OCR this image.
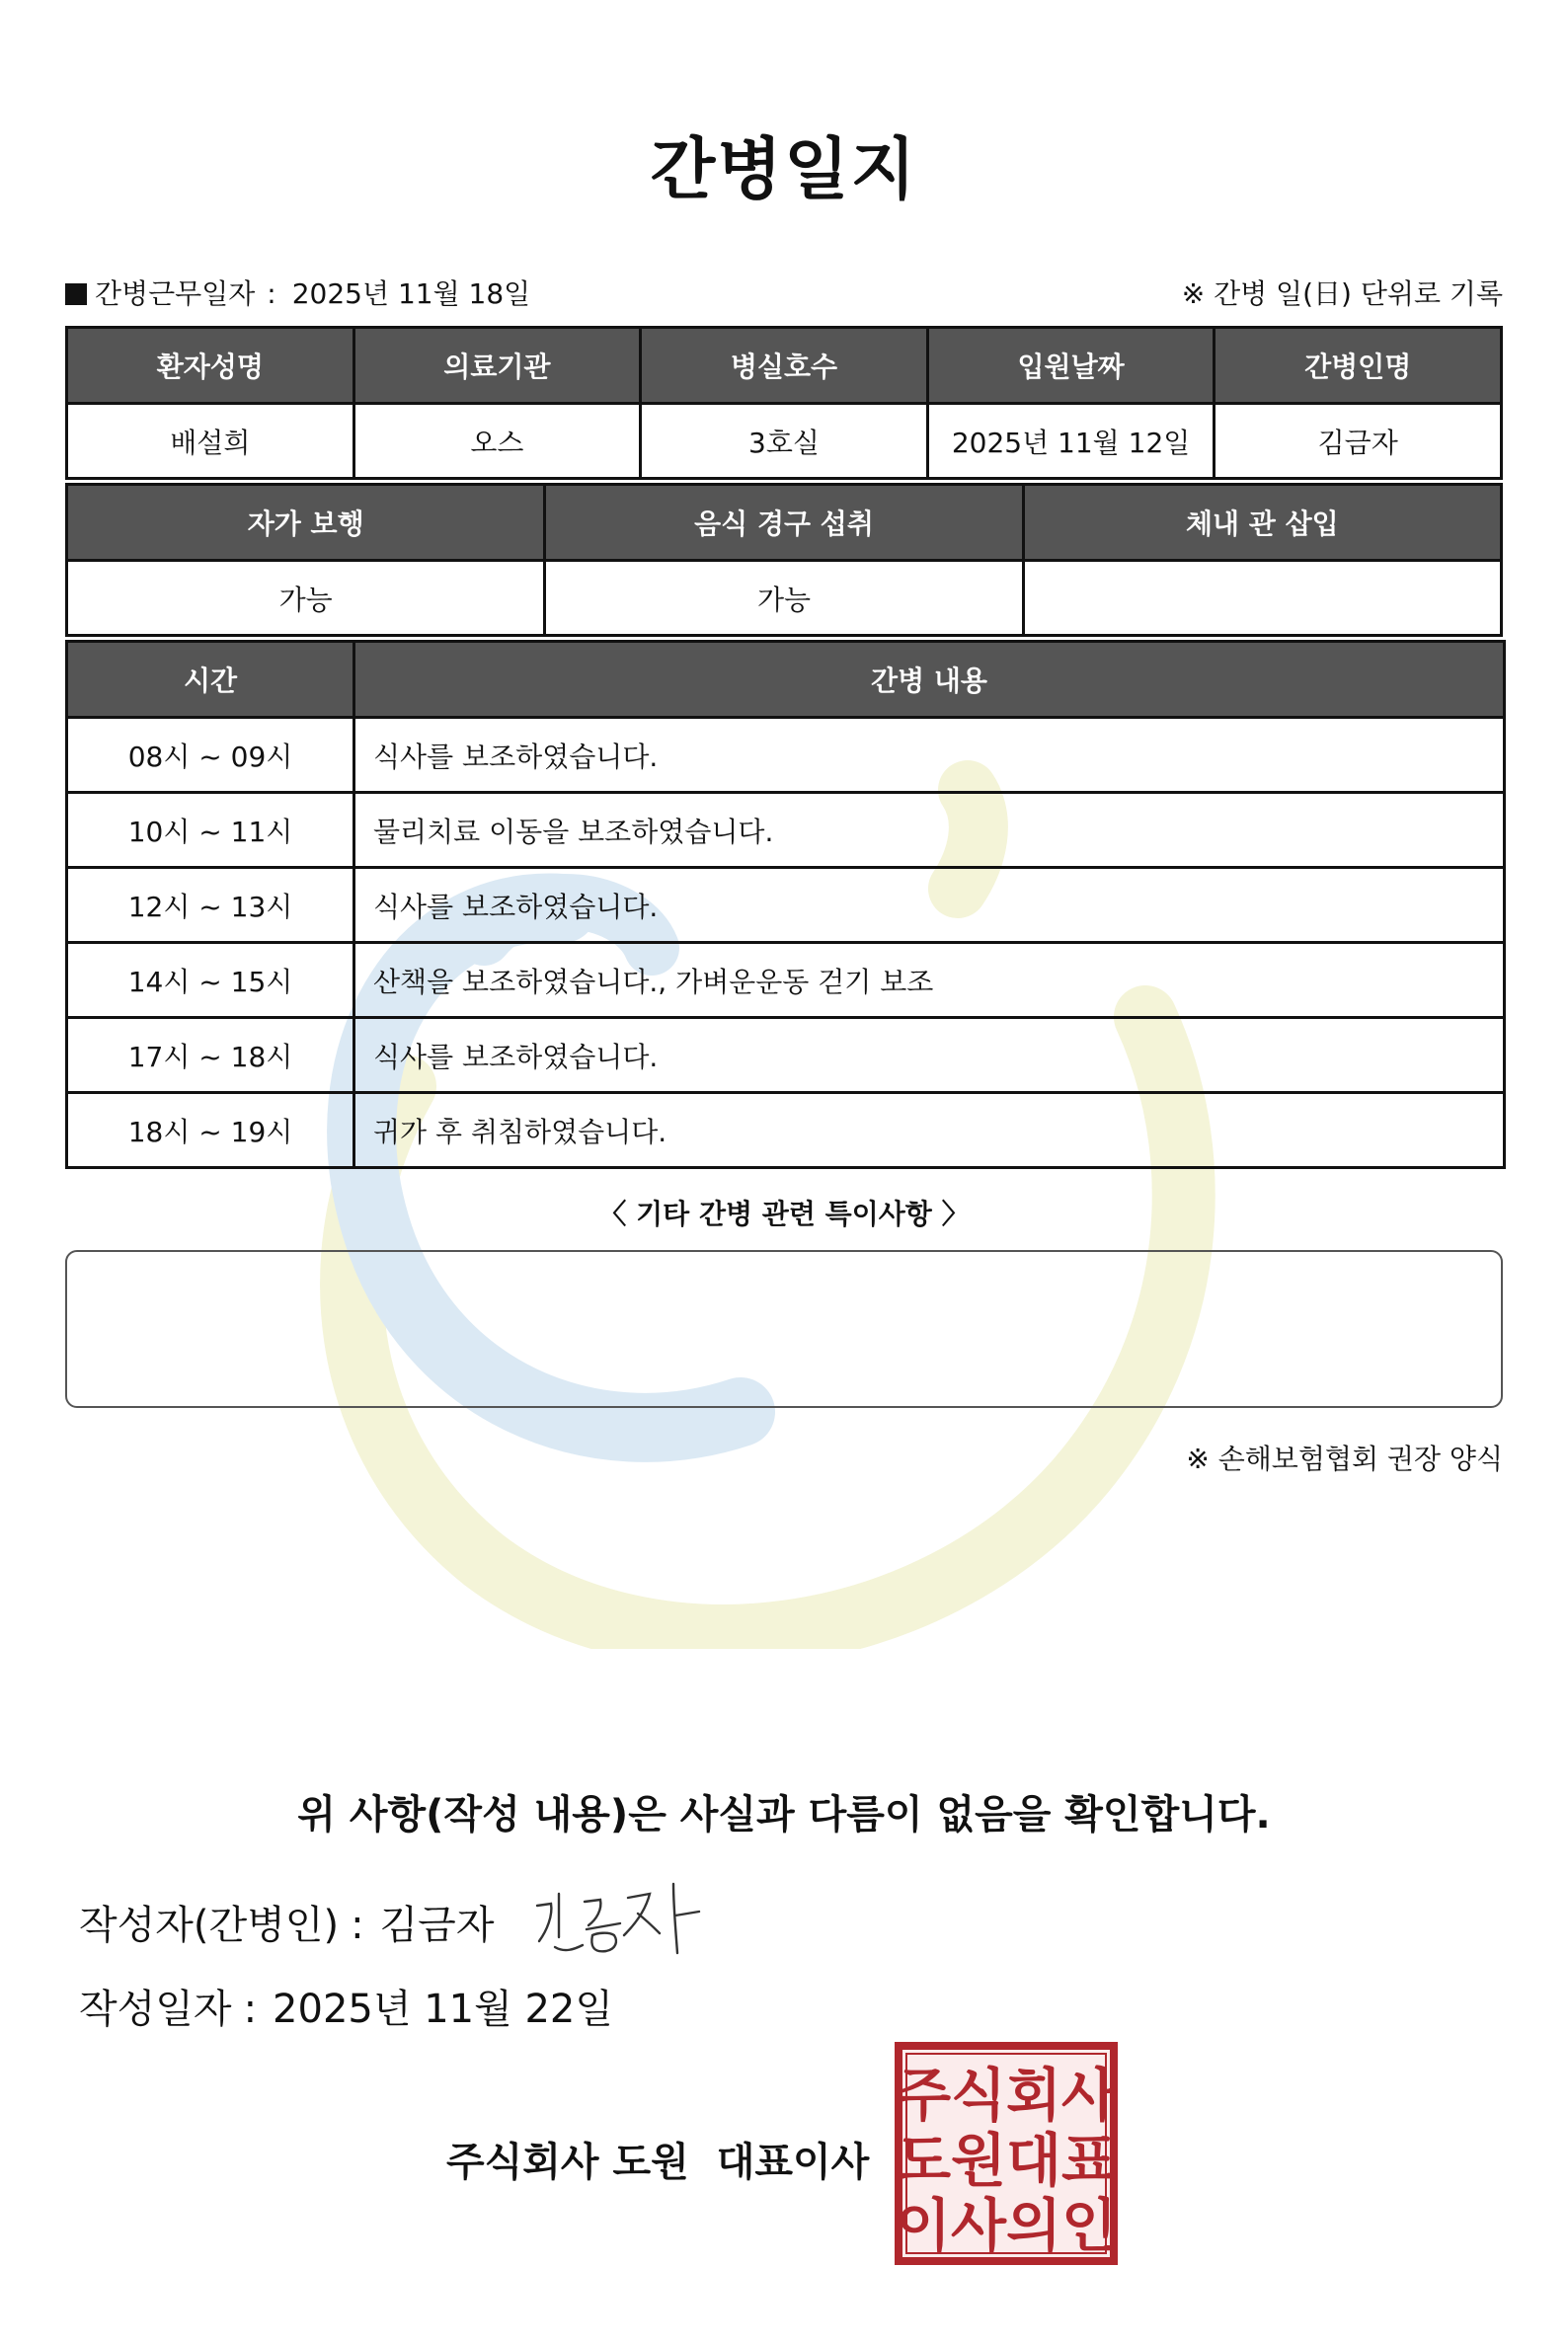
간병일지
간병근무일자 : 2025년 11월 18일	※ 간병 일(日) 단위로 기록
환자성명	의료기관	병실호수	입원날짜	간병인명
배설희	오스	3호실	2025년 11월 12일	김금자
자가 보행	음식 경구 섭취	체내 관 삽입
가능	가능	
시간	간병 내용
08시 ~ 09시	식사를 보조하였습니다.
10시 ~ 11시	물리치료 이동을 보조하였습니다.
12시 ~ 13시	식사를 보조하였습니다.
14시 ~ 15시	산책을 보조하였습니다., 가벼운운동 걷기 보조
17시 ~ 18시	식사를 보조하였습니다.
18시 ~ 19시	귀가 후 취침하였습니다.
〈 기타 간병 관련 특이사항 〉
※ 손해보험협회 권장 양식
위 사항(작성 내용)은 사실과 다름이 없음을 확인합니다.
작성자(간병인) : 김금자
작성일자 : 2025년 11월 22일
주식회사 도원 대표이사
주식회사
도원대표
이사의인
